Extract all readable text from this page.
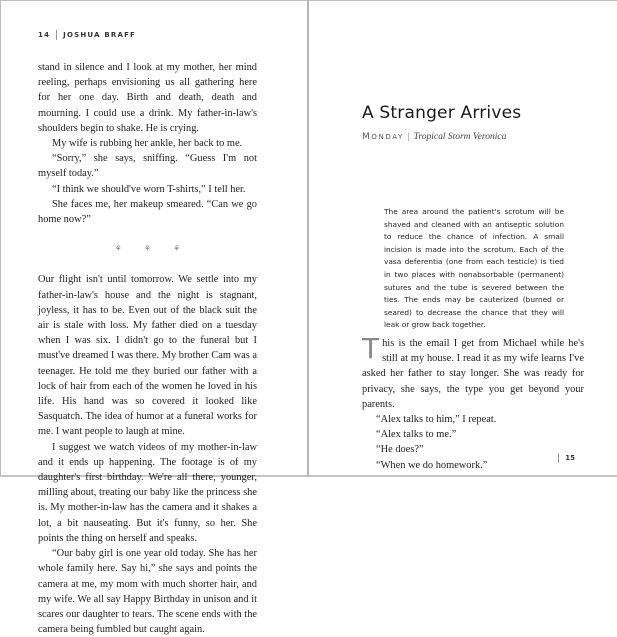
14 JOSHUA BRAFF

stand in silence and I look at my mother, her mind reeling, perhaps envisioning us all gathering here for her one day. Birth and death, death and mourning. I could use a drink. My father-in-law's shoulders begin to shake. He is crying.

My wife is rubbing her ankle, her back to me.

“Sorry,” she says, sniffing. “Guess I'm not myself today.”

“I think we should've worn T-shirts,” I tell her.

She faces me, her makeup smeared. “Can we go home now?”

⚘	⚘	⚘

Our flight isn't until tomorrow. We settle into my father-in-law's house and the night is stagnant, joyless, it has to be. Even out of the black suit the air is stale with loss. My father died on a tuesday when I was six. I didn't go to the funeral but I must've dreamed I was there. My brother Cam was a teenager. He told me they buried our father with a lock of hair from each of the women he loved in his life. His hand was so covered it looked like Sasquatch. The idea of humor at a funeral works for me. I want people to laugh at mine.

I suggest we watch videos of my mother-in-law and it ends up happening. The footage is of my daughter's first birthday. We're all there, younger, milling about, treating our baby like the princess she is. My mother-in-law has the camera and it shakes a lot, a bit nauseating. But it's funny, so her. She points the thing on herself and speaks.

“Our baby girl is one year old today. She has her whole family here. Say hi,” she says and points the camera at me, my mom with much shorter hair, and my wife. We all say Happy Birthday in unison and it scares our daughter to tears. The scene ends with the camera being fumbled but caught again.

A Stranger Arrives
MONDAY | Tropical Storm Veronica
The area around the patient's scrotum will be shaved and cleaned with an antiseptic solution to reduce the chance of infection. A small incision is made into the scrotum. Each of the vasa deferentia (one from each testicle) is tied in two places with nonabsorbable (permanent) sutures and the tube is severed between the ties. The ends may be cauterized (burned or seared) to decrease the chance that they will leak or grow back together.

This is the email I get from Michael while he's still at my house. I read it as my wife learns I've asked her father to stay longer. She was ready for privacy, she says, the type you get beyond your parents.

“Alex talks to him,” I repeat.

“Alex talks to me.”

“He does?”

“When we do homework.”

15
